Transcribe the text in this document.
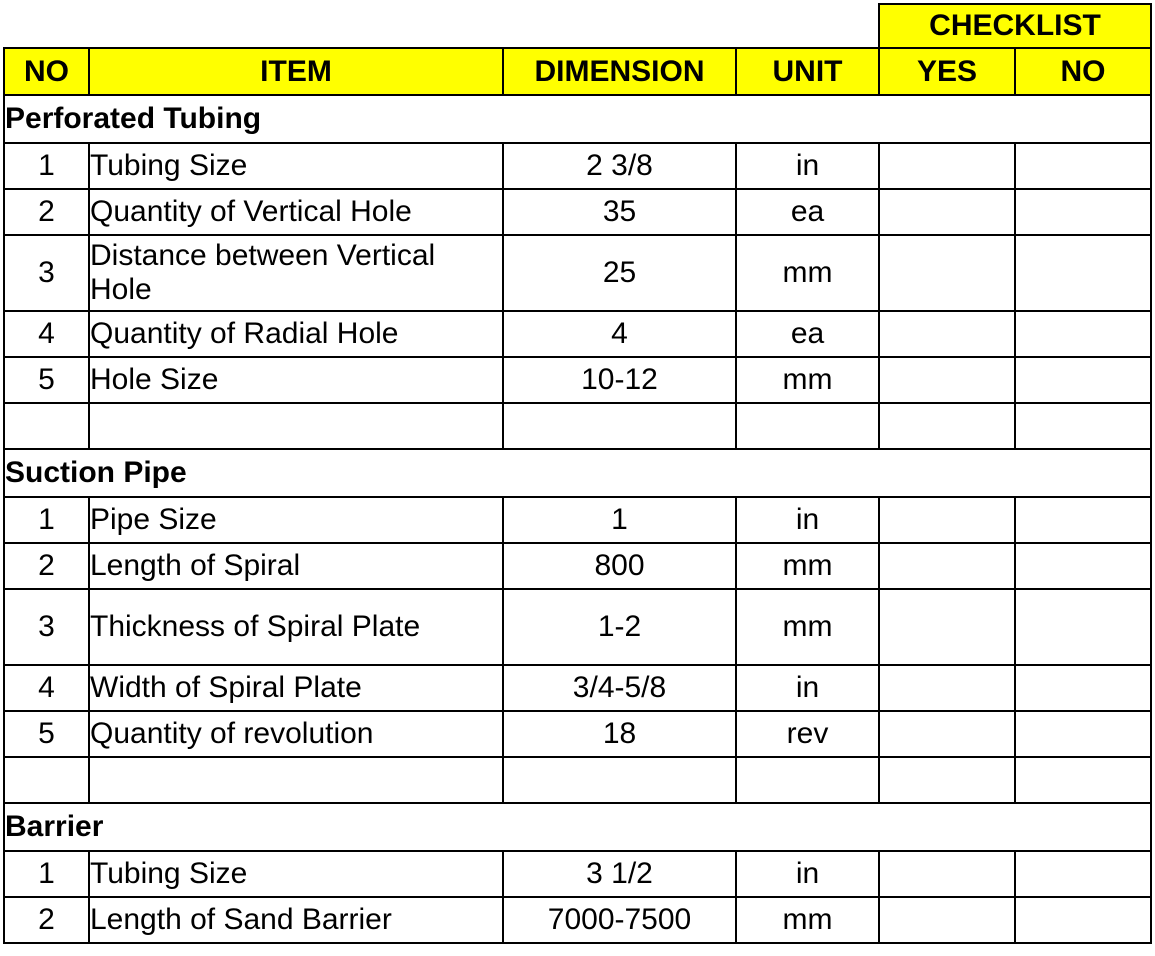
				CHECKLIST	
NO	ITEM	DIMENSION	UNIT	YES	NO
Perforated Tubing					
1	Tubing Size	2 3/8	in		
2	Quantity of Vertical Hole	35	ea		
3	Distance between Vertical Hole	25	mm		
4	Quantity of Radial Hole	4	ea		
5	Hole Size	10-12	mm		

Suction Pipe					
1	Pipe Size	1	in		
2	Length of Spiral	800	mm		
3	Thickness of Spiral Plate	1-2	mm		
4	Width of Spiral Plate	3/4-5/8	in		
5	Quantity of revolution	18	rev		

Barrier					
1	Tubing Size	3 1/2	in		
2	Length of Sand Barrier	7000-7500	mm		
